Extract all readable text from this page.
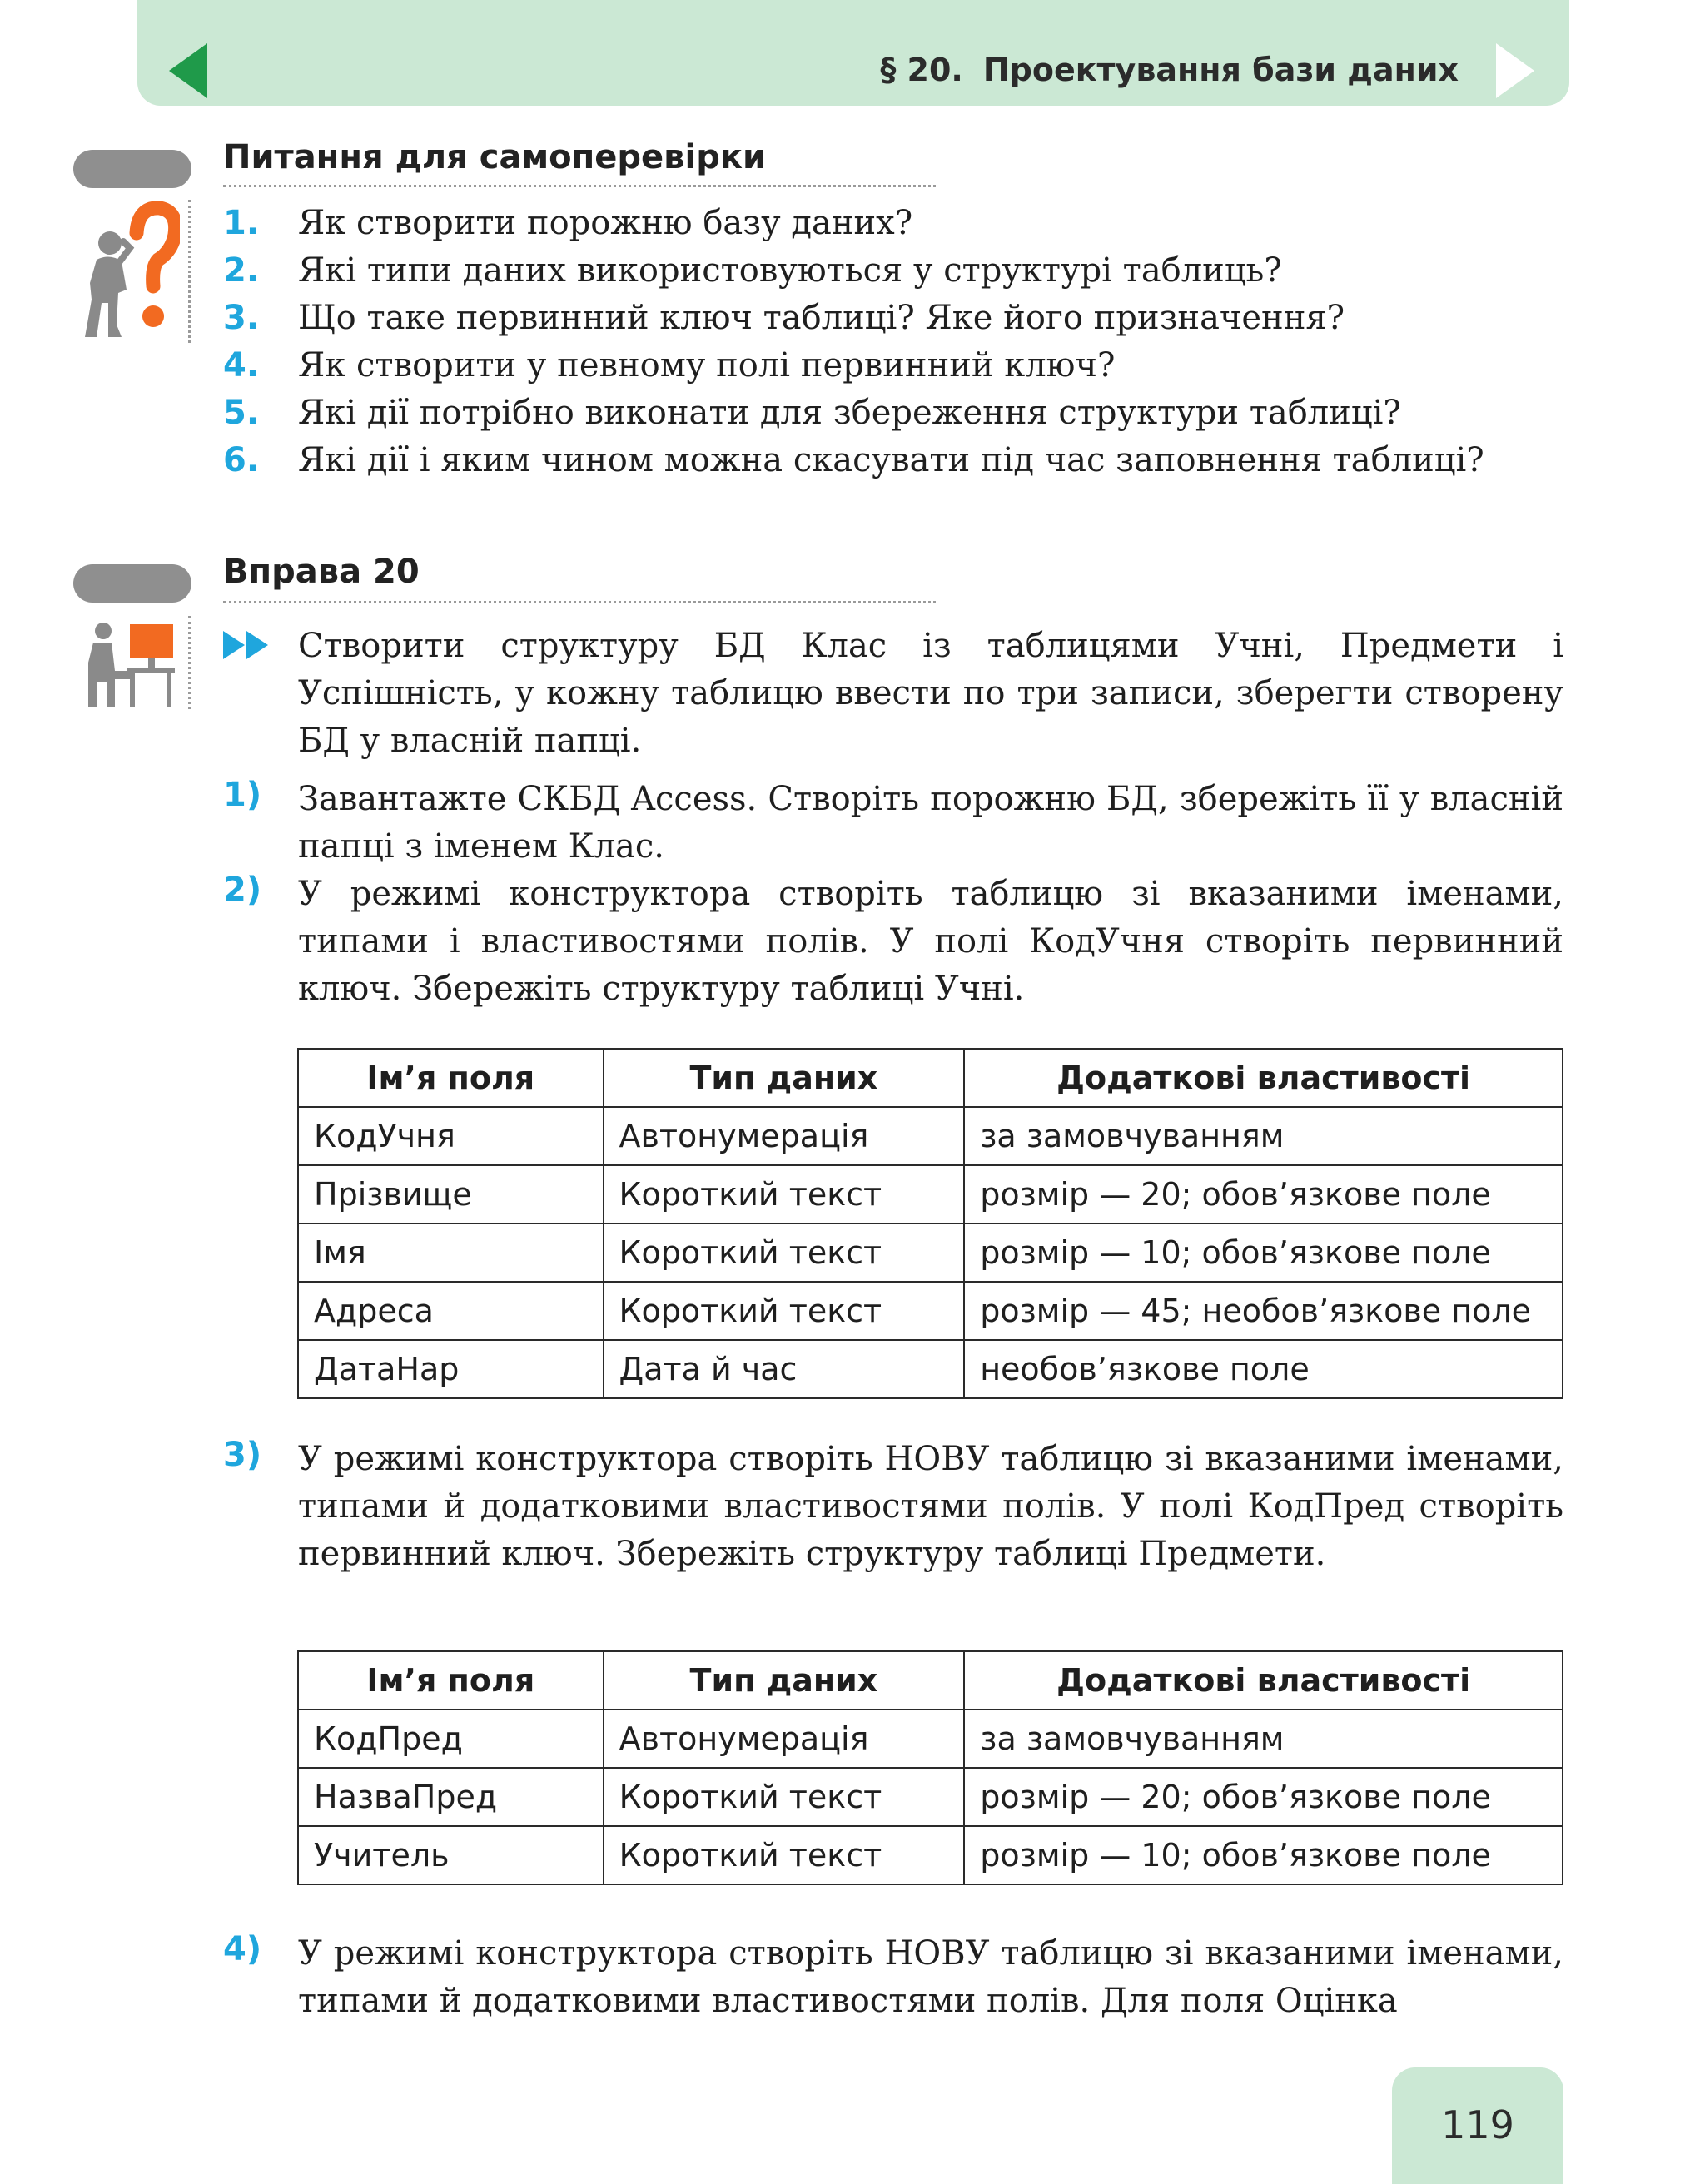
§ 20. Проектування бази даних
Питання для самоперевірки
1. Як створити порожню базу даних?
2. Які типи даних використовуються у структурі таблиць?
3. Що таке первинний ключ таблиці? Яке його призначення?
4. Як створити у певному полі первинний ключ?
5. Які дії потрібно виконати для збереження структури таблиці?
6. Які дії і яким чином можна скасувати під час заповнення таблиці?
Вправа 20
Створити структуру БД Клас із таблицями Учні, Предмети і Успішність, у кожну таблицю ввести по три записи, зберегти створену БД у власній папці.
1) Завантажте СКБД Access. Створіть порожню БД, збережіть її у власній папці з іменем Клас.
2) У режимі конструктора створіть таблицю зі вказаними іменами, типами і властивостями полів. У полі КодУчня створіть первинний ключ. Збережіть структуру таблиці Учні.
Ім’я поля	Тип даних	Додаткові властивості
КодУчня	Автонумерація	за замовчуванням
Прізвище	Короткий текст	розмір — 20; обов’язкове поле
Імя	Короткий текст	розмір — 10; обов’язкове поле
Адреса	Короткий текст	розмір — 45; необов’язкове поле
ДатаНар	Дата й час	необов’язкове поле
3) У режимі конструктора створіть НОВУ таблицю зі вказаними іменами, типами й додатковими властивостями полів. У полі КодПред створіть первинний ключ. Збережіть структуру таблиці Предмети.
Ім’я поля	Тип даних	Додаткові властивості
КодПред	Автонумерація	за замовчуванням
НазваПред	Короткий текст	розмір — 20; обов’язкове поле
Учитель	Короткий текст	розмір — 10; обов’язкове поле
4) У режимі конструктора створіть НОВУ таблицю зі вказаними іменами, типами й додатковими властивостями полів. Для поля Оцінка
119
